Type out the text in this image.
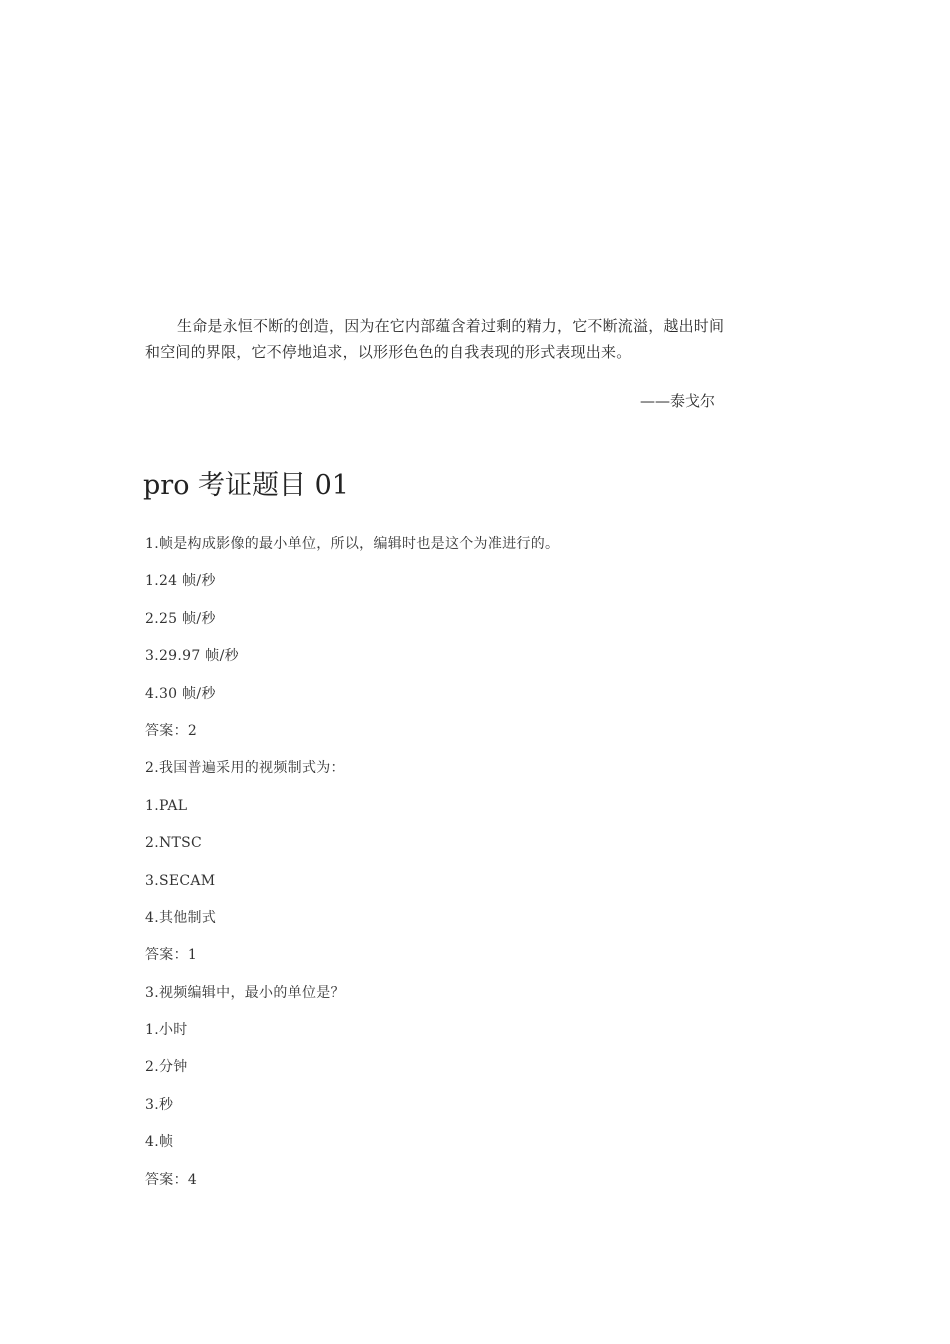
生命是永恒不断的创造，因为在它内部蕴含着过剩的精力，它不断流溢，越出时间
和空间的界限，它不停地追求，以形形色色的自我表现的形式表现出来。
——泰戈尔
pro 考证题目 01
1.帧是构成影像的最小单位，所以，编辑时也是这个为准进行的。
1.24 帧/秒
2.25 帧/秒
3.29.97 帧/秒
4.30 帧/秒
答案：2
2.我国普遍采用的视频制式为：
1.PAL
2.NTSC
3.SECAM
4.其他制式
答案：1
3.视频编辑中，最小的单位是？
1.小时
2.分钟
3.秒
4.帧
答案：4
